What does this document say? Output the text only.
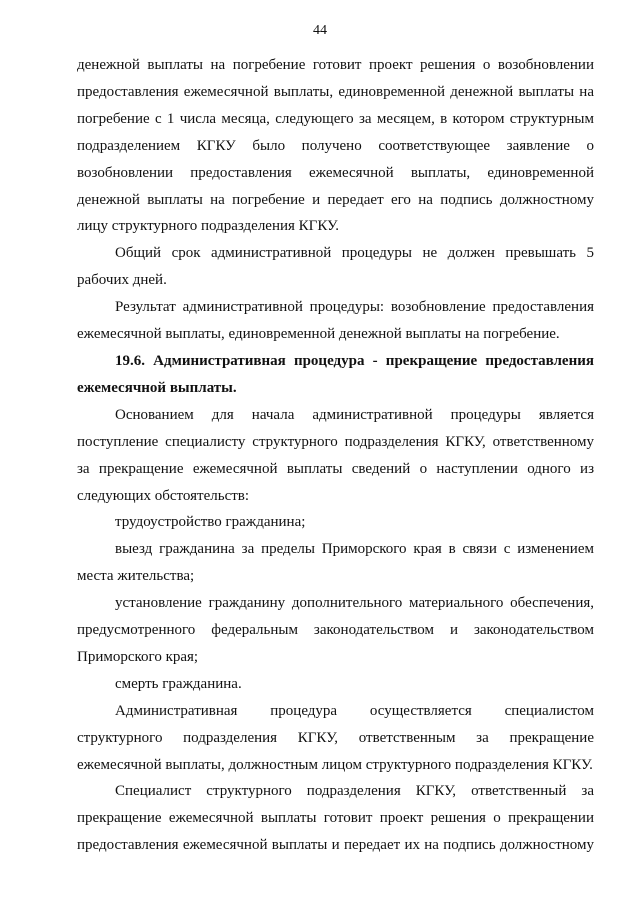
44

денежной выплаты на погребение готовит проект решения о возобновлении предоставления ежемесячной выплаты, единовременной денежной выплаты на погребение с 1 числа месяца, следующего за месяцем, в котором структурным подразделением КГКУ было получено соответствующее заявление о возобновлении предоставления ежемесячной выплаты, единовременной денежной выплаты на погребение и передает его на подпись должностному лицу структурного подразделения КГКУ.

Общий срок административной процедуры не должен превышать 5 рабочих дней.

Результат административной процедуры: возобновление предоставления ежемесячной выплаты, единовременной денежной выплаты на погребение.

19.6. Административная процедура - прекращение предоставления ежемесячной выплаты.

Основанием для начала административной процедуры является поступление специалисту структурного подразделения КГКУ, ответственному за прекращение ежемесячной выплаты сведений о наступлении одного из следующих обстоятельств:

трудоустройство гражданина;

выезд гражданина за пределы Приморского края в связи с изменением места жительства;

установление гражданину дополнительного материального обеспечения, предусмотренного федеральным законодательством и законодательством Приморского края;

смерть гражданина.

Административная процедура осуществляется специалистом структурного подразделения КГКУ, ответственным за прекращение ежемесячной выплаты, должностным лицом структурного подразделения КГКУ.

Специалист структурного подразделения КГКУ, ответственный за прекращение ежемесячной выплаты готовит проект решения о прекращении предоставления ежемесячной выплаты и передает их на подпись должностному
